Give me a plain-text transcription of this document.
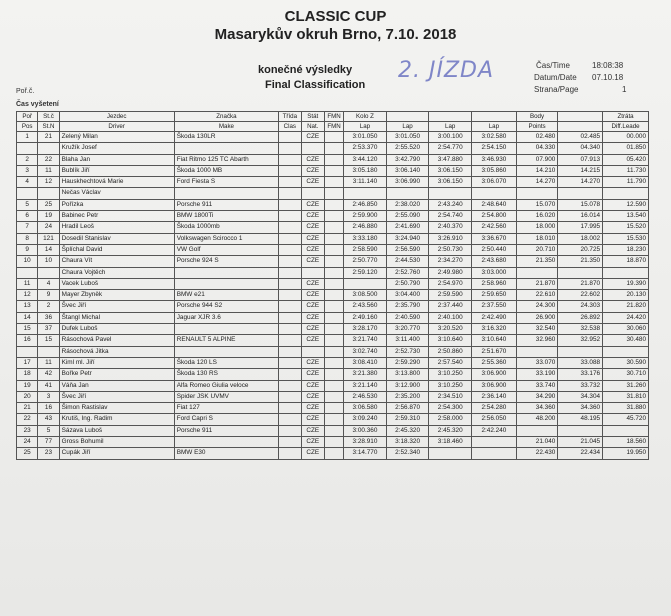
CLASSIC CUP
Masarykův okruh Brno, 7.10. 2018
konečné výsledky
Final Classification
2. JÍZDA	Čas/Time	18:08:38
Datum/Date 07.10.18
Strana/Page	1
Poř.č.
Čas vyšetení
Poř	St.č	Jezdec	Značka	Třída	Stát	FMN	Kolo Z				Body		Ztráta
Pos	St.N	Driver	Make	Clas	Nat.	FMN	Lap	Lap	Lap	Lap	Points		Diff.Leade
1	21	Zelený Milan	Škoda 130LR		CZE		3:01.050	3:01.050	3:00.100	3:02.580	02.480	02.485	00.000
		Kružík Josef					2:53.370	2:55.520	2:54.770	2:54.150	04.330	04.340	01.850
2	22	Blaha Jan	Fiat Ritmo 125 TC Abarth		CZE		3:44.120	3:42.790	3:47.880	3:46.930	07.900	07.913	05.420
3	11	Bublík Jiří	Škoda 1000 MB		CZE		3:05.180	3:06.140	3:06.150	3:05.860	14.210	14.215	11.730
4	12	Hauskhechtová Marie	Ford Fiesta S		CZE		3:11.140	3:06.990	3:06.150	3:06.070	14.270	14.270	11.790
		Nečas Václav											
5	25	Pořízka	Porsche 911		CZE		2:46.850	2:38.020	2:43.240	2:48.640	15.070	15.078	12.590
6	19	Babinec Petr	BMW 1800Ti		CZE		2:59.900	2:55.090	2:54.740	2:54.800	16.020	16.014	13.540
7	24	Hradil Leoš	Škoda 1000mb		CZE		2:46.880	2:41.690	2:40.370	2:42.560	18.000	17.995	15.520
8	121	Dosedil Stanislav	Volkswagen Scirocco 1		CZE		3:33.180	3:24.940	3:26.910	3:36.670	18.010	18.002	15.530
9	14	Šplíchal David	VW Golf		CZE		2:58.590	2:56.590	2:50.730	2:50.440	20.710	20.725	18.230
10	10	Chaura Vít	Porsche 924 S		CZE		2:50.770	2:44.530	2:34.270	2:43.680	21.350	21.350	18.870
		Chaura Vojtěch					2:59.120	2:52.760	2:49.980	3:03.000			
11	4	Vacek Luboš			CZE			2:50.790	2:54.970	2:58.960	21.870	21.870	19.390
12	9	Mayer Zbyněk	BMW e21		CZE		3:08.500	3:04.400	2:59.590	2:59.650	22.610	22.602	20.130
13	2	Švec Jiří	Porsche 944 S2		CZE		2:43.560	2:35.790	2:37.440	2:37.550	24.300	24.303	21.820
14	36	Štangl Michal	Jaguar XJR 3.6		CZE		2:49.160	2:40.590	2:40.100	2:42.490	26.900	26.892	24.420
15	37	Dufek Luboš			CZE		3:28.170	3:20.770	3:20.520	3:16.320	32.540	32.538	30.060
16	15	Rásochová Pavel	RENAULT 5 ALPINE		CZE		3:21.740	3:11.400	3:10.640	3:10.640	32.960	32.952	30.480
		Rásochová Jitka					3:02.740	2:52.730	2:50.860	2:51.670			
17	11	Kiml ml. Jiří	Škoda 120 LS		CZE		3:08.410	2:59.290	2:57.540	2:55.360	33.070	33.088	30.590
18	42	Bořke Petr	Škoda 130 RS		CZE		3:21.380	3:13.800	3:10.250	3:06.900	33.190	33.176	30.710
19	41	Váňa Jan	Alfa Romeo Giulia veloce		CZE		3:21.140	3:12.900	3:10.250	3:06.900	33.740	33.732	31.260
20	3	Švec Jiří	Spider JSK UVMV		CZE		2:46.530	2:35.200	2:34.510	2:36.140	34.290	34.304	31.810
21	16	Šimon Rastislav	Fiat 127		CZE		3:06.580	2:56.870	2:54.300	2:54.280	34.360	34.360	31.880
22	43	Krutiš, Ing. Radim	Ford Capri S		CZE		3:09.240	2:59.310	2:58.000	2:56.050	48.200	48.195	45.720
23	5	Sázava Luboš	Porsche 911		CZE		3:00.360	2:45.320	2:45.320	2:42.240			
24	77	Gross Bohumil			CZE		3:28.910	3:18.320	3:18.460		21.040	21.045	18.560
25	23	Cupák Jiří	BMW E30		CZE		3:14.770	2:52.340			22.430	22.434	19.950
